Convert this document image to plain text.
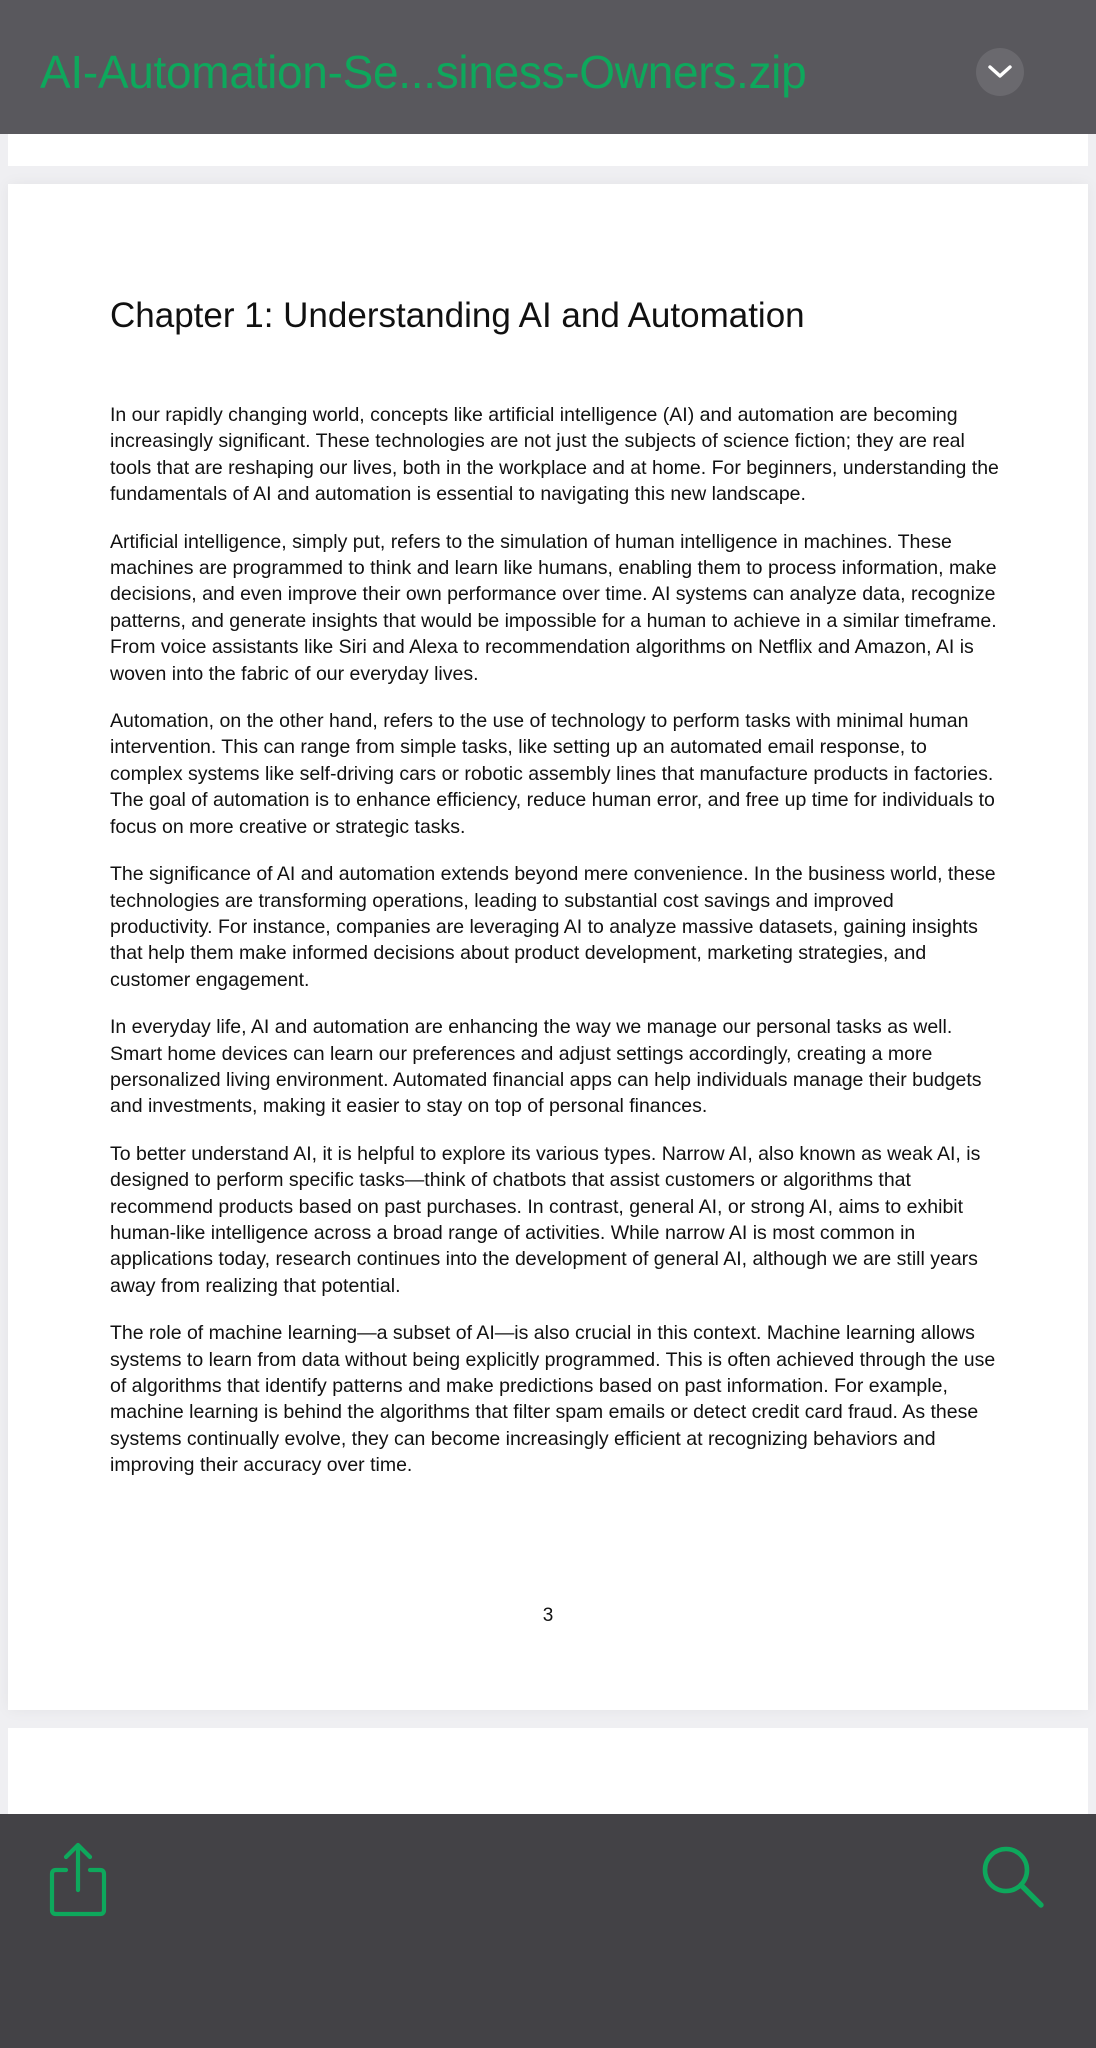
AI-Automation-Se...siness-Owners.zip
Chapter 1: Understanding AI and Automation

In our rapidly changing world, concepts like artificial intelligence (AI) and automation are becoming increasingly significant. These technologies are not just the subjects of science fiction; they are real tools that are reshaping our lives, both in the workplace and at home. For beginners, understanding the fundamentals of AI and automation is essential to navigating this new landscape.

Artificial intelligence, simply put, refers to the simulation of human intelligence in machines. These machines are programmed to think and learn like humans, enabling them to process information, make decisions, and even improve their own performance over time. AI systems can analyze data, recognize patterns, and generate insights that would be impossible for a human to achieve in a similar timeframe. From voice assistants like Siri and Alexa to recommendation algorithms on Netflix and Amazon, AI is woven into the fabric of our everyday lives.

Automation, on the other hand, refers to the use of technology to perform tasks with minimal human intervention. This can range from simple tasks, like setting up an automated email response, to complex systems like self-driving cars or robotic assembly lines that manufacture products in factories. The goal of automation is to enhance efficiency, reduce human error, and free up time for individuals to focus on more creative or strategic tasks.

The significance of AI and automation extends beyond mere convenience. In the business world, these technologies are transforming operations, leading to substantial cost savings and improved productivity. For instance, companies are leveraging AI to analyze massive datasets, gaining insights that help them make informed decisions about product development, marketing strategies, and customer engagement.

In everyday life, AI and automation are enhancing the way we manage our personal tasks as well. Smart home devices can learn our preferences and adjust settings accordingly, creating a more personalized living environment. Automated financial apps can help individuals manage their budgets and investments, making it easier to stay on top of personal finances.

To better understand AI, it is helpful to explore its various types. Narrow AI, also known as weak AI, is designed to perform specific tasks—think of chatbots that assist customers or algorithms that recommend products based on past purchases. In contrast, general AI, or strong AI, aims to exhibit human-like intelligence across a broad range of activities. While narrow AI is most common in applications today, research continues into the development of general AI, although we are still years away from realizing that potential.

The role of machine learning—a subset of AI—is also crucial in this context. Machine learning allows systems to learn from data without being explicitly programmed. This is often achieved through the use of algorithms that identify patterns and make predictions based on past information. For example, machine learning is behind the algorithms that filter spam emails or detect credit card fraud. As these systems continually evolve, they can become increasingly efficient at recognizing behaviors and improving their accuracy over time.

3
